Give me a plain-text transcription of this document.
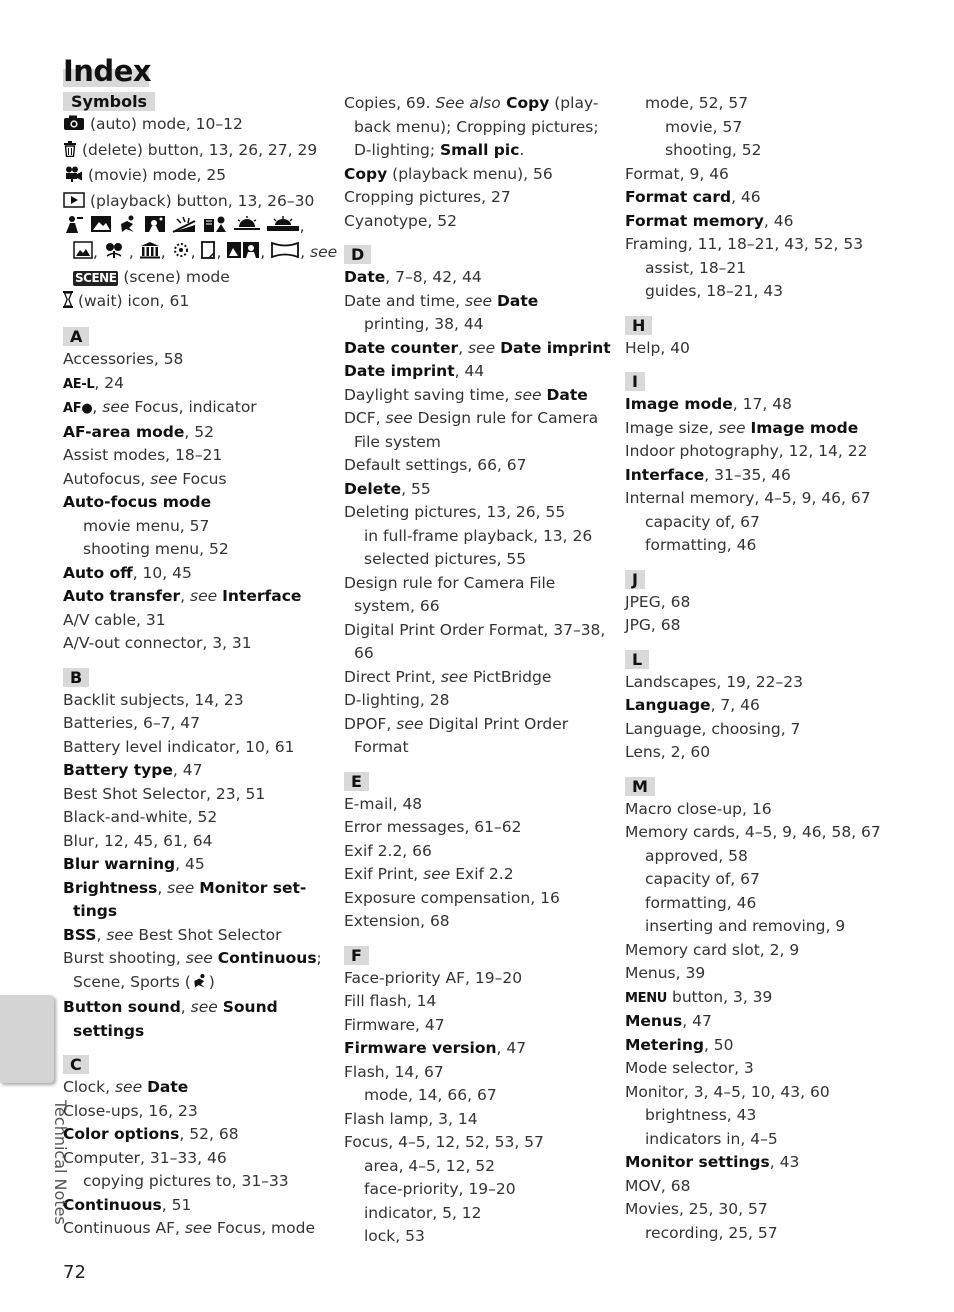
Index
Symbols
(auto) mode, 10–12
(delete) button, 13, 26, 27, 29
(movie) mode, 25
(playback) button, 13, 26–30
,
, , , , , , , see
SCENE (scene) mode
(wait) icon, 61
A
Accessories, 58
AE-L, 24
AF●, see Focus, indicator
AF-area mode, 52
Assist modes, 18–21
Autofocus, see Focus
Auto-focus mode
movie menu, 57
shooting menu, 52
Auto off, 10, 45
Auto transfer, see Interface
A/V cable, 31
A/V-out connector, 3, 31
B
Backlit subjects, 14, 23
Batteries, 6–7, 47
Battery level indicator, 10, 61
Battery type, 47
Best Shot Selector, 23, 51
Black-and-white, 52
Blur, 12, 45, 61, 64
Blur warning, 45
Brightness, see Monitor set-
tings
BSS, see Best Shot Selector
Burst shooting, see Continuous;
Scene, Sports ( )
Button sound, see Sound
settings
C
Clock, see Date
Close-ups, 16, 23
Color options, 52, 68
Computer, 31–33, 46
copying pictures to, 31–33
Continuous, 51
Continuous AF, see Focus, mode
Copies, 69. See also Copy (play-
back menu); Cropping pictures;
D-lighting; Small pic.
Copy (playback menu), 56
Cropping pictures, 27
Cyanotype, 52
D
Date, 7–8, 42, 44
Date and time, see Date
printing, 38, 44
Date counter, see Date imprint
Date imprint, 44
Daylight saving time, see Date
DCF, see Design rule for Camera
File system
Default settings, 66, 67
Delete, 55
Deleting pictures, 13, 26, 55
in full-frame playback, 13, 26
selected pictures, 55
Design rule for Camera File
system, 66
Digital Print Order Format, 37–38,
66
Direct Print, see PictBridge
D-lighting, 28
DPOF, see Digital Print Order
Format
E
E-mail, 48
Error messages, 61–62
Exif 2.2, 66
Exif Print, see Exif 2.2
Exposure compensation, 16
Extension, 68
F
Face-priority AF, 19–20
Fill flash, 14
Firmware, 47
Firmware version, 47
Flash, 14, 67
mode, 14, 66, 67
Flash lamp, 3, 14
Focus, 4–5, 12, 52, 53, 57
area, 4–5, 12, 52
face-priority, 19–20
indicator, 5, 12
lock, 53
mode, 52, 57
movie, 57
shooting, 52
Format, 9, 46
Format card, 46
Format memory, 46
Framing, 11, 18–21, 43, 52, 53
assist, 18–21
guides, 18–21, 43
H
Help, 40
I
Image mode, 17, 48
Image size, see Image mode
Indoor photography, 12, 14, 22
Interface, 31–35, 46
Internal memory, 4–5, 9, 46, 67
capacity of, 67
formatting, 46
J
JPEG, 68
JPG, 68
L
Landscapes, 19, 22–23
Language, 7, 46
Language, choosing, 7
Lens, 2, 60
M
Macro close-up, 16
Memory cards, 4–5, 9, 46, 58, 67
approved, 58
capacity of, 67
formatting, 46
inserting and removing, 9
Memory card slot, 2, 9
Menus, 39
MENU button, 3, 39
Menus, 47
Metering, 50
Mode selector, 3
Monitor, 3, 4–5, 10, 43, 60
brightness, 43
indicators in, 4–5
Monitor settings, 43
MOV, 68
Movies, 25, 30, 57
recording, 25, 57
Technical Notes
72
